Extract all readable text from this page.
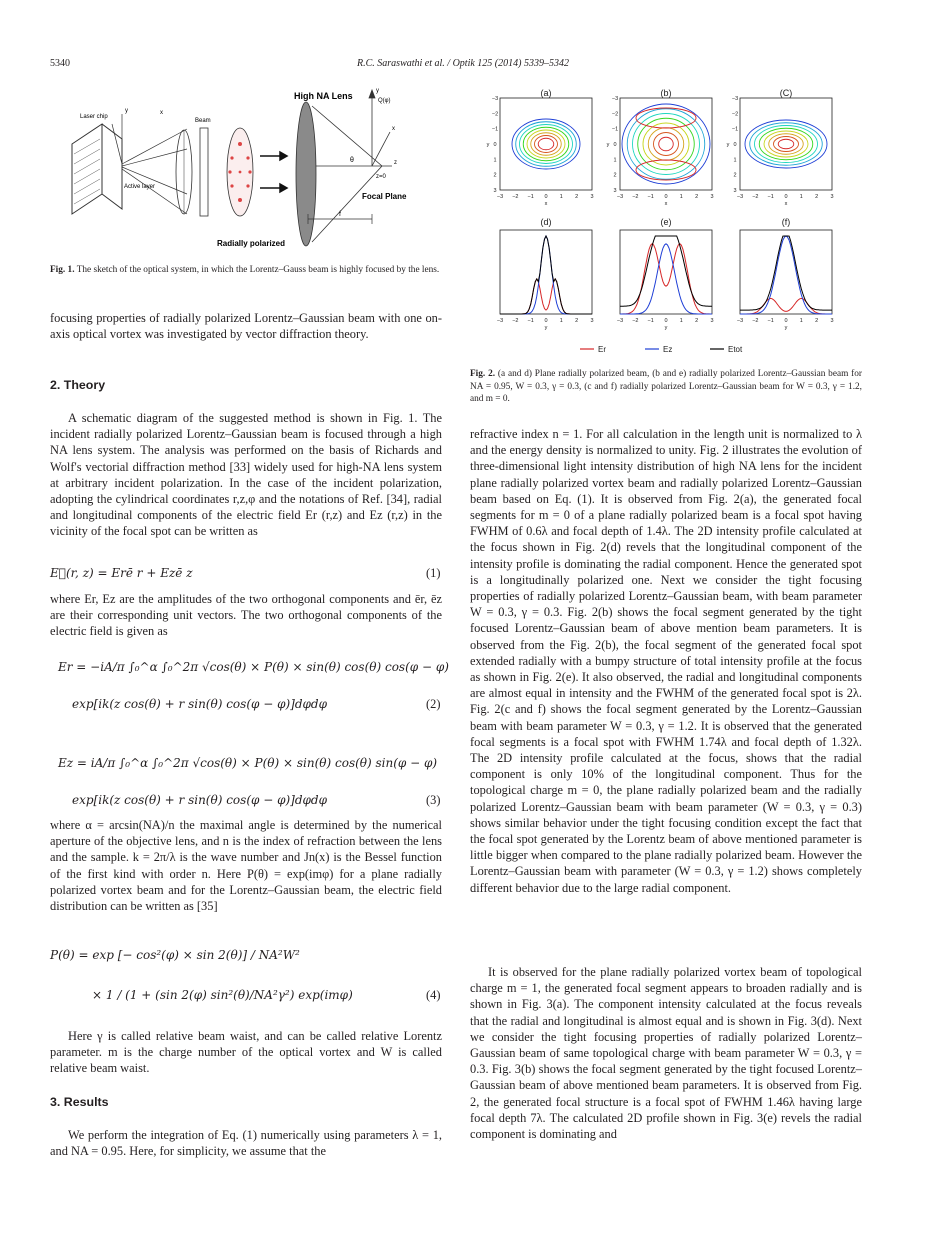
5340	R.C. Saraswathi et al. / Optik 125 (2014) 5339–5342
Laser chip
Active layer
y	x
Beam
Radially polarized
High NA Lens	Q(φ)
y
x
z
θ
z=0
Focal Plane
f
Fig. 1. The sketch of the optical system, in which the Lorentz–Gauss beam is highly focused by the lens.

focusing properties of radially polarized Lorentz–Gaussian beam with one on-axis optical vortex was investigated by vector diffraction theory.

2. Theory

A schematic diagram of the suggested method is shown in Fig. 1. The incident radially polarized Lorentz–Gaussian beam is focused through a high NA lens system. The analysis was performed on the basis of Richards and Wolf's vectorial diffraction method [33] widely used for high-NA lens system at arbitrary incident polarization. In the case of the incident polarization, adopting the cylindrical coordinates r,z,φ and the notations of Ref. [34], radial and longitudinal components of the electric field Er (r,z) and Ez (r,z) in the vicinity of the focal spot can be written as

E⃗(r, z) = Erē r + Ezē z	(1)

where Er, Ez are the amplitudes of the two orthogonal components and ēr, ēz are their corresponding unit vectors. The two orthogonal components of the electric field is given as

Er = −iA/π ∫₀^α ∫₀^2π √cos(θ) × P(θ) × sin(θ) cos(θ) cos(φ − φ)
exp[ik(z cos(θ) + r sin(θ) cos(φ − φ)]dφdφ	(2)
Ez = iA/π ∫₀^α ∫₀^2π √cos(θ) × P(θ) × sin(θ) cos(θ) sin(φ − φ)
exp[ik(z cos(θ) + r sin(θ) cos(φ − φ)]dφdφ	(3)

where α = arcsin(NA)/n the maximal angle is determined by the numerical aperture of the objective lens, and n is the index of refraction between the lens and the sample. k = 2π/λ is the wave number and Jn(x) is the Bessel function of the first kind with order n. Here P(θ) = exp(imφ) for a plane radially polarized vortex beam and for the Lorentz–Gaussian beam, the electric field distribution can be written as [35]

P(θ) = exp [− cos²(φ) × sin 2(θ)] / NA²W²
× 1 / (1 + (sin 2(φ) sin²(θ)/NA²γ²) exp(imφ)	(4)

Here γ is called relative beam waist, and can be called relative Lorentz parameter. m is the charge number of the optical vortex and W is called relative beam waist.

3. Results

We perform the integration of Eq. (1) numerically using parameters λ = 1, and NA = 0.95. Here, for simplicity, we assume that the

(a)
−3
−3
−2
−2
−1
−1
0
0
1
1
2
2
3
3
x
y
(b)
−3
−3
−2
−2
−1
−1
0
0
1
1
2
2
3
3
x
y
(C)
−3
−3
−2
−2
−1
−1
0
0
1
1
2
2
3
3
x
y
(d)
−3 −2 −1 0 1 2 3
y
(e)
−3 −2 −1 0 1 2 3
y
(f)
−3 −2 −1 0 1 2 3
y
Er	Ez	Etot
Fig. 2. (a and d) Plane radially polarized beam, (b and e) radially polarized Lorentz–Gaussian beam for NA = 0.95, W = 0.3, γ = 0.3, (c and f) radially polarized Lorentz–Gaussian beam for W = 0.3, γ = 1.2, and m = 0.

refractive index n = 1. For all calculation in the length unit is normalized to λ and the energy density is normalized to unity. Fig. 2 illustrates the evolution of three-dimensional light intensity distribution of high NA lens for the incident plane radially polarized vortex beam and radially polarized Lorentz–Gaussian beam based on Eq. (1). It is observed from Fig. 2(a), the generated focal segments for m = 0 of a plane radially polarized beam is a focal spot having FWHM of 0.6λ and focal depth of 1.4λ. The 2D intensity profile calculated at the focus shown in Fig. 2(d) revels that the longitudinal component of the intensity profile is dominating the radial component. Hence the generated spot is a longitudinally polarized one. Next we consider the tight focusing properties of radially polarized Lorentz–Gaussian beam, with beam parameter W = 0.3, γ = 0.3. Fig. 2(b) shows the focal segment generated by the tight focused Lorentz–Gaussian beam of above mention beam parameters. It is observed from the Fig. 2(b), the focal segment of the generated focal spot extended radially with a bumpy structure of total intensity profile at the focus as shown in Fig. 2(e). It also observed, the radial and longitudinal components are almost equal in intensity and the FWHM of the generated focal spot is 2λ. Fig. 2(c and f) shows the focal segment generated by the Lorentz–Gaussian beam with beam parameter W = 0.3, γ = 1.2. It is observed that the generated focal segments is a focal spot with FWHM 1.74λ and focal depth of 1.32λ. The 2D intensity profile calculated at the focus, shows that the radial component is only 10% of the longitudinal component. Thus for the topological charge m = 0, the plane radially polarized beam and the radially polarized Lorentz–Gaussian beam with beam parameter (W = 0.3, γ = 0.3) shows similar behavior under the tight focusing condition except the fact that the focal spot generated by the Lorentz beam of above mentioned parameter is little bigger when compared to the plane radially polarized beam. However the Lorentz–Gaussian beam with parameter (W = 0.3, γ = 1.2) shows completely different behavior due to the large radial component.

It is observed for the plane radially polarized vortex beam of topological charge m = 1, the generated focal segment appears to broaden radially and is shown in Fig. 3(a). The component intensity calculated at the focus reveals that the radial and longitudinal is almost equal and is shown in Fig. 3(d). Next we consider the tight focusing properties of radially polarized Lorentz–Gaussian beam of same topological charge with beam parameter W = 0.3, γ = 0.3. Fig. 3(b) shows the focal segment generated by the tight focused Lorentz–Gaussian beam of above mentioned beam parameters. It is observed from Fig. 2, the generated focal structure is a focal spot of FWHM 1.46λ having large focal depth 7λ. The calculated 2D profile shown in Fig. 3(e) revels the radial component is dominating and
